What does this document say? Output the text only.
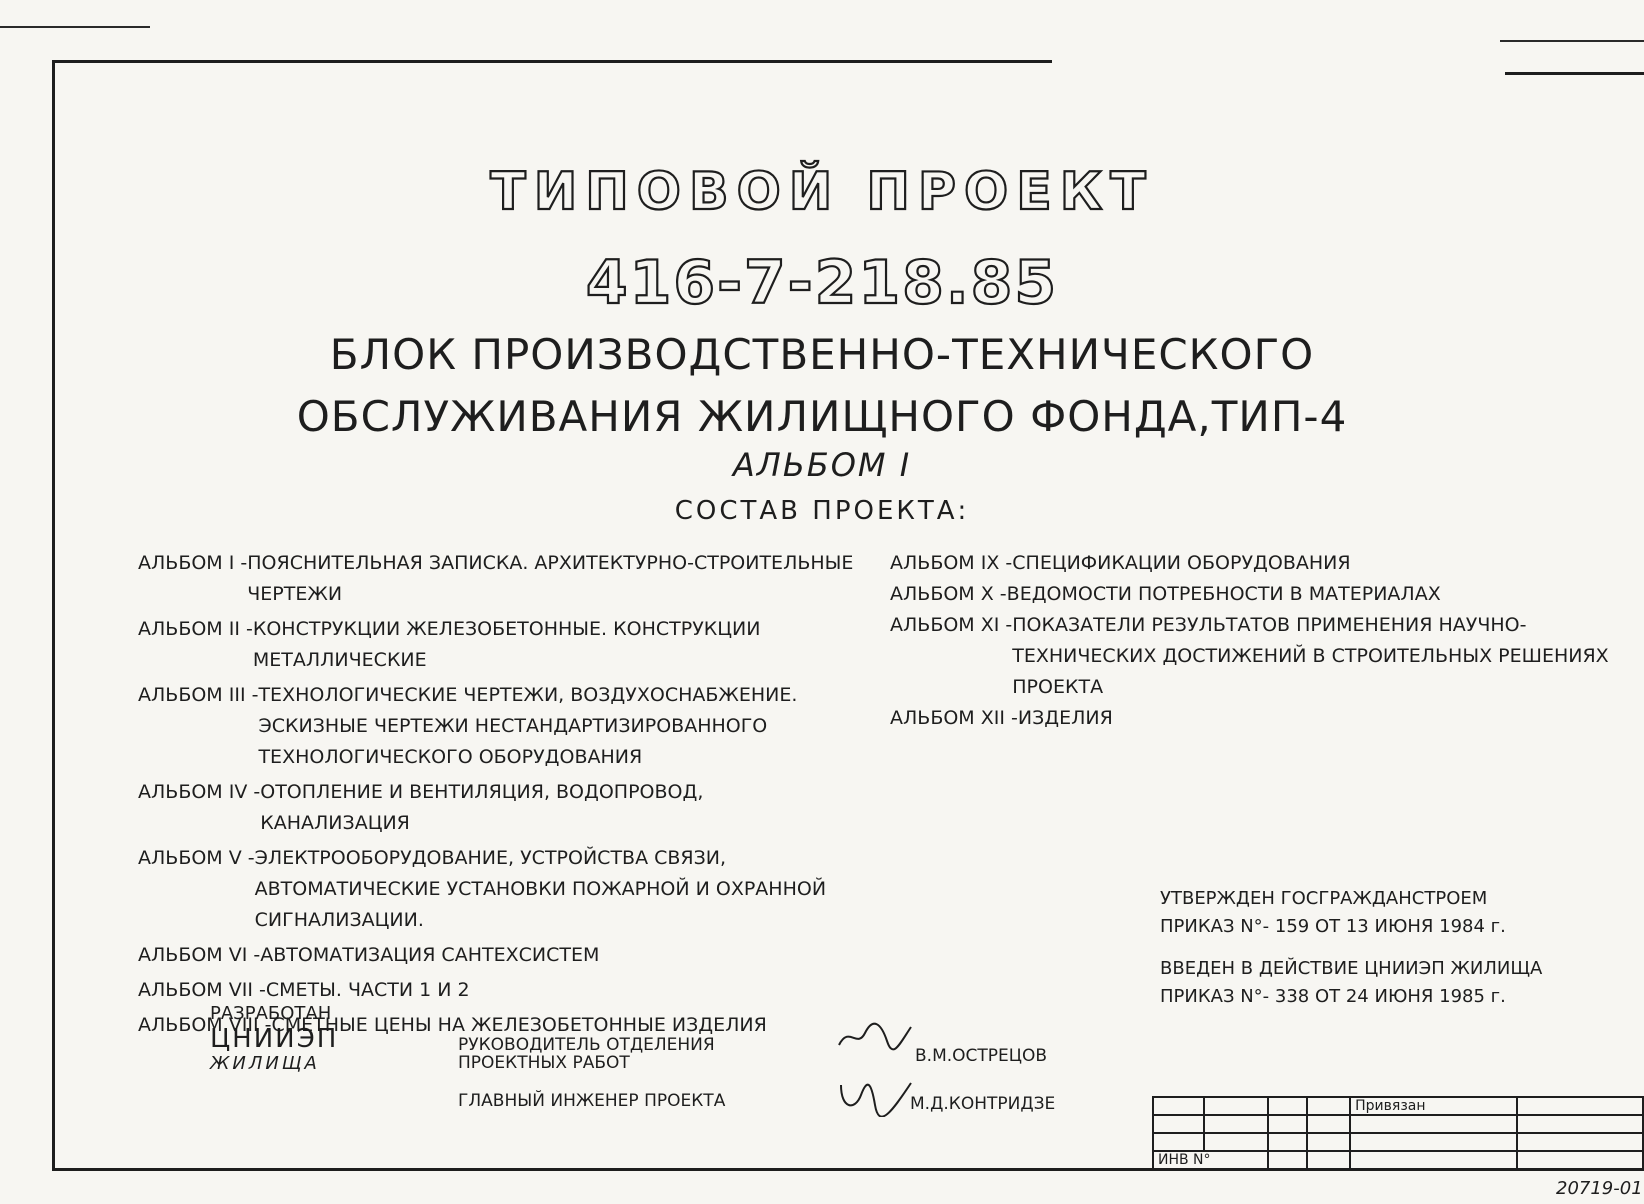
ТИПОВОЙ ПРОЕКТ
416-7-218.85
БЛОК ПРОИЗВОДСТВЕННО-ТЕХНИЧЕСКОГО
ОБСЛУЖИВАНИЯ ЖИЛИЩНОГО ФОНДА,ТИП-4
АЛЬБОМ I
СОСТАВ ПРОЕКТА:
АЛЬБОМ I - ПОЯСНИТЕЛЬНАЯ ЗАПИСКА. АРХИТЕКТУРНО-СТРОИТЕЛЬНЫЕ ЧЕРТЕЖИ
АЛЬБОМ II - КОНСТРУКЦИИ ЖЕЛЕЗОБЕТОННЫЕ. КОНСТРУКЦИИ МЕТАЛЛИЧЕСКИЕ
АЛЬБОМ III - ТЕХНОЛОГИЧЕСКИЕ ЧЕРТЕЖИ, ВОЗДУХОСНАБЖЕНИЕ. ЭСКИЗНЫЕ ЧЕРТЕЖИ НЕСТАНДАРТИЗИРОВАННОГО ТЕХНОЛОГИЧЕСКОГО ОБОРУДОВАНИЯ
АЛЬБОМ IV - ОТОПЛЕНИЕ И ВЕНТИЛЯЦИЯ, ВОДОПРОВОД, КАНАЛИЗАЦИЯ
АЛЬБОМ V - ЭЛЕКТРООБОРУДОВАНИЕ, УСТРОЙСТВА СВЯЗИ, АВТОМАТИЧЕСКИЕ УСТАНОВКИ ПОЖАРНОЙ И ОХРАННОЙ СИГНАЛИЗАЦИИ.
АЛЬБОМ VI - АВТОМАТИЗАЦИЯ САНТЕХСИСТЕМ
АЛЬБОМ VII - СМЕТЫ. ЧАСТИ 1 И 2
АЛЬБОМ VIII - СМЕТНЫЕ ЦЕНЫ НА ЖЕЛЕЗОБЕТОННЫЕ ИЗДЕЛИЯ
АЛЬБОМ IX - СПЕЦИФИКАЦИИ ОБОРУДОВАНИЯ
АЛЬБОМ X - ВЕДОМОСТИ ПОТРЕБНОСТИ В МАТЕРИАЛАХ
АЛЬБОМ XI - ПОКАЗАТЕЛИ РЕЗУЛЬТАТОВ ПРИМЕНЕНИЯ НАУЧНО-ТЕХНИЧЕСКИХ ДОСТИЖЕНИЙ В СТРОИТЕЛЬНЫХ РЕШЕНИЯХ ПРОЕКТА
АЛЬБОМ XII - ИЗДЕЛИЯ
УТВЕРЖДЕН ГОСГРАЖДАНСТРОЕМ
ПРИКАЗ N°- 159 ОТ 13 ИЮНЯ 1984 г.
ВВЕДЕН В ДЕЙСТВИЕ ЦНИИЭП ЖИЛИЩА
ПРИКАЗ N°- 338 ОТ 24 ИЮНЯ 1985 г.
РАЗРАБОТАН
ЦНИИЭП
ЖИЛИЩА
РУКОВОДИТЕЛЬ ОТДЕЛЕНИЯ ПРОЕКТНЫХ РАБОТ
ГЛАВНЫЙ ИНЖЕНЕР ПРОЕКТА
В.М.ОСТРЕЦОВ
М.Д.КОНТРИДЗЕ
					Привязан	

ИНВ N°					
20719-01
